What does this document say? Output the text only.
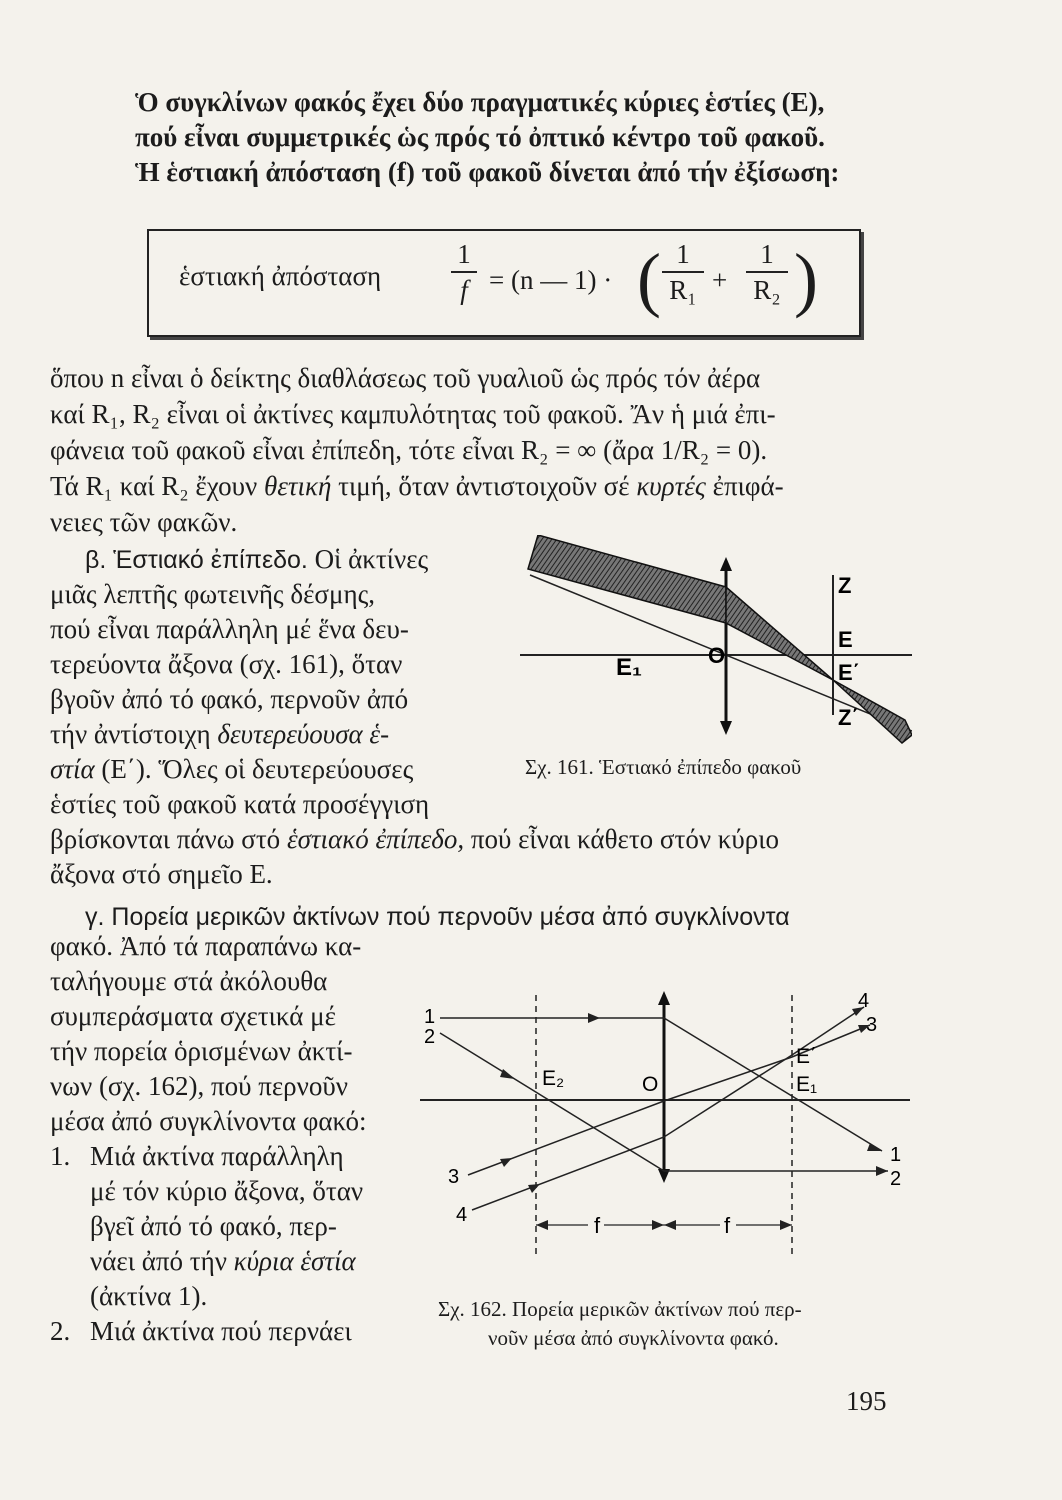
Ὁ συγκλίνων φακός ἔχει δύο πραγματικές κύριες ἑστίες (Ε),
πού εἶναι συμμετρικές ὡς πρός τό ὀπτικό κέντρο τοῦ φακοῦ.
Ἡ ἑστιακή ἀπόσταση (f) τοῦ φακοῦ δίνεται ἀπό τήν ἐξίσωση:
ἑστιακή ἀπόσταση
1
f = (n — 1) · ( 1
R₁ +
1
R₂ )
ὅπου n εἶναι ὁ δείκτης διαθλάσεως τοῦ γυαλιοῦ ὡς πρός τόν ἀέρα
καί R₁, R₂ εἶναι οἱ ἀκτίνες καμπυλότητας τοῦ φακοῦ. Ἄν ἡ μιά ἐπι-
φάνεια τοῦ φακοῦ εἶναι ἐπίπεδη, τότε εἶναι R₂ = ∞ (ἄρα 1/R₂ = 0).
Τά R₁ καί R₂ ἔχουν θετική τιμή, ὅταν ἀντιστοιχοῦν σέ κυρτές ἐπιφά-
νειες τῶν φακῶν.
β. Ἑστιακό ἐπίπεδο. Οἱ ἀκτίνες
μιᾶς λεπτῆς φωτεινῆς δέσμης,
πού εἶναι παράλληλη μέ ἕνα δευ-
τερεύοντα ἄξονα (σχ. 161), ὅταν
βγοῦν ἀπό τό φακό, περνοῦν ἀπό
τήν ἀντίστοιχη δευτερεύουσα ἑ-
στία (Ε΄). Ὅλες οἱ δευτερεύουσες
ἑστίες τοῦ φακοῦ κατά προσέγγιση
βρίσκονται πάνω στό ἑστιακό ἐπίπεδο, πού εἶναι κάθετο στόν κύριο
ἄξονα στό σημεῖο Ε.
E₁	O
Z
E
E΄
Z΄
Σχ. 161. Ἑστιακό ἐπίπεδο φακοῦ
γ. Πορεία μερικῶν ἀκτίνων πού περνοῦν μέσα ἀπό συγκλίνοντα
φακό. Ἀπό τά παραπάνω κα-
ταλήγουμε στά ἀκόλουθα
συμπεράσματα σχετικά μέ
τήν πορεία ὁρισμένων ἀκτί-
νων (σχ. 162), πού περνοῦν
μέσα ἀπό συγκλίνοντα φακό:
1. Μιά ἀκτίνα παράλληλη
μέ τόν κύριο ἄξονα, ὅταν
βγεῖ ἀπό τό φακό, περ-
νάει ἀπό τήν κύρια ἑστία
(ἀκτίνα 1).
2. Μιά ἀκτίνα πού περνάει
f	f
E₂	O
E΄
E₁
1
2
3
4
1
2
3
4
Σχ. 162. Πορεία μερικῶν ἀκτίνων πού περ-
νοῦν μέσα ἀπό συγκλίνοντα φακό.
195
